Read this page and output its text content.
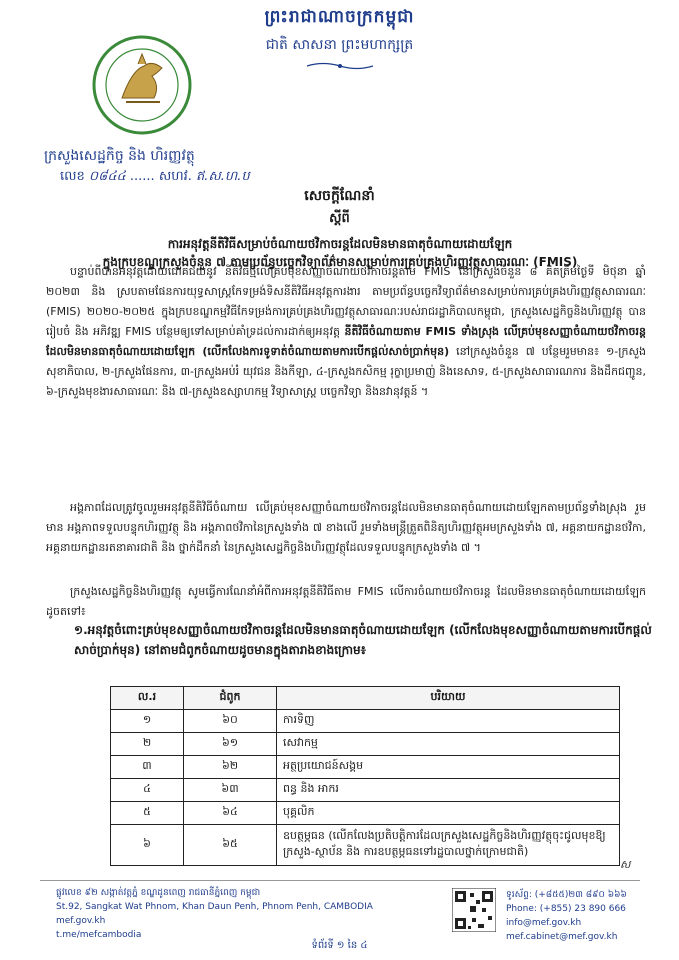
ព្រះរាជាណាចក្រកម្ពុជា
ជាតិ សាសនា ព្រះមហាក្សត្រ
ក្រសួងសេដ្ឋកិច្ច និង ហិរញ្ញវត្ថុ
លេខ ០៨៤៤ ...... សហវ. ឥ.ស.ហ.ប
សេចក្តីណែនាំ
ស្តីពី
ការអនុវត្តនីតិវិធីសម្រាប់ចំណាយថវិកាចរន្តដែលមិនមានធាតុចំណាយដោយឡែក
ក្នុងក្របខណ្ឌក្រសួងចំនួន ៧ តាមប្រព័ន្ធបច្ចេកវិទ្យាព័ត៌មានសម្រាប់ការគ្រប់គ្រងហិរញ្ញវត្ថុសាធារណៈ (FMIS)
បន្ទាប់ពីបានអនុវត្តដោយជោគជ័យនូវ នីតិវិធីថ្មីលើគ្រប់មុខសញ្ញាចំណាយថវិកាចរន្តតាម FMIS នៅក្រសួងចំនួន ៨ គិតត្រឹមថ្ងៃទី មិថុនា ឆ្នាំ ២០២៣ និង ស្របតាមផែនការយុទ្ធសាស្ត្រកែទម្រង់ទិសនីតិវិធីអនុវត្តការងារ តាមប្រព័ន្ធបច្ចេកវិទ្យាព័ត៌មានសម្រាប់ការគ្រប់គ្រងហិរញ្ញវត្ថុសាធារណៈ (FMIS) ២០២០-២០២៥ ក្នុងក្របខណ្ឌកម្មវិធីកែទម្រង់ការគ្រប់គ្រងហិរញ្ញវត្ថុសាធារណៈរបស់រាជរដ្ឋាភិបាលកម្ពុជា, ក្រសួងសេដ្ឋកិច្ចនិងហិរញ្ញវត្ថុ បានរៀបចំ និង អភិវឌ្ឍ FMIS បន្ថែមឲ្យទៅសម្រាប់គាំទ្រដល់ការដាក់ឲ្យអនុវត្ត នីតិវិធីចំណាយតាម FMIS ទាំងស្រុង លើគ្រប់មុខសញ្ញាចំណាយថវិកាចរន្តដែលមិនមានធាតុចំណាយដោយឡែក (លើកលែងការទូទាត់ចំណាយតាមការបើកផ្តល់សាច់ប្រាក់មុន) នៅក្រសួងចំនួន ៧ បន្ថែមរួមមាន៖ ១-ក្រសួងសុខាភិបាល, ២-ក្រសួងផែនការ, ៣-ក្រសួងអប់រំ យុវជន និងកីឡា, ៤-ក្រសួងកសិកម្ម រុក្ខាប្រមាញ់ និងនេសាទ, ៥-ក្រសួងសាធារណការ និងដឹកជញ្ជូន, ៦-ក្រសួងមុខងារសាធារណៈ និង ៧-ក្រសួងឧស្សាហកម្ម វិទ្យាសាស្ត្រ បច្ចេកវិទ្យា និងនវានុវត្តន៍ ។
អង្គភាពដែលត្រូវចូលរួមអនុវត្តនីតិវិធីចំណាយ លើគ្រប់មុខសញ្ញាចំណាយថវិកាចរន្តដែលមិនមានធាតុចំណាយដោយឡែកតាមប្រព័ន្ធទាំងស្រុង រួមមាន អង្គភាពទទួលបន្ទុកហិរញ្ញវត្ថុ និង អង្គភាពថវិកានៃក្រសួងទាំង ៧ ខាងលើ រួមទាំងមន្ត្រីត្រួតពិនិត្យហិរញ្ញវត្ថុអមក្រសួងទាំង ៧, អគ្គនាយកដ្ឋានថវិកា, អគ្គនាយកដ្ឋានរតនាគារជាតិ និង ថ្នាក់ដឹកនាំ នៃក្រសួងសេដ្ឋកិច្ចនិងហិរញ្ញវត្ថុដែលទទួលបន្ទុកក្រសួងទាំង ៧ ។
ក្រសួងសេដ្ឋកិច្ចនិងហិរញ្ញវត្ថុ សូមធ្វើការណែនាំអំពីការអនុវត្តនីតិវិធីតាម FMIS លើការចំណាយថវិកាចរន្ត ដែលមិនមានធាតុចំណាយដោយឡែក ដូចតទៅ៖
១.អនុវត្តចំពោះគ្រប់មុខសញ្ញាចំណាយថវិកាចរន្តដែលមិនមានធាតុចំណាយដោយឡែក (លើកលែងមុខសញ្ញាចំណាយតាមការបើកផ្តល់សាច់ប្រាក់មុន) នៅតាមជំពូកចំណាយដូចមានក្នុងតារាងខាងក្រោម៖
ល.រ	ជំពូក	បរិយាយ
១	៦០	ការទិញ
២	៦១	សេវាកម្ម
៣	៦២	អត្ថប្រយោជន៍សង្គម
៤	៦៣	ពន្ធ និង អាករ
៥	៦៤	បុគ្គលិក
៦	៦៥	ឧបត្ថម្ភធន (លើកលែងប្រតិបត្តិការដែលក្រសួងសេដ្ឋកិច្ចនិងហិរញ្ញវត្ថុចុះជូលមុខឱ្យក្រសួង-ស្ថាប័ន និង ការឧបត្ថម្ភធនទៅរដ្ឋបាលថ្នាក់ក្រោមជាតិ)
ស
ផ្លូវលេខ ៩២ សង្កាត់វត្តភ្នំ ខណ្ឌដូនពេញ រាជធានីភ្នំពេញ កម្ពុជា
St.92, Sangkat Wat Phnom, Khan Daun Penh, Phnom Penh, CAMBODIA
mef.gov.kh
t.me/mefcambodia
ទូរស័ព្ទ: (+៨៥៥)២៣ ៨៩០ ៦៦៦
Phone: (+855) 23 890 666
info@mef.gov.kh
mef.cabinet@mef.gov.kh
ទំព័រទី ១ នៃ ៤
